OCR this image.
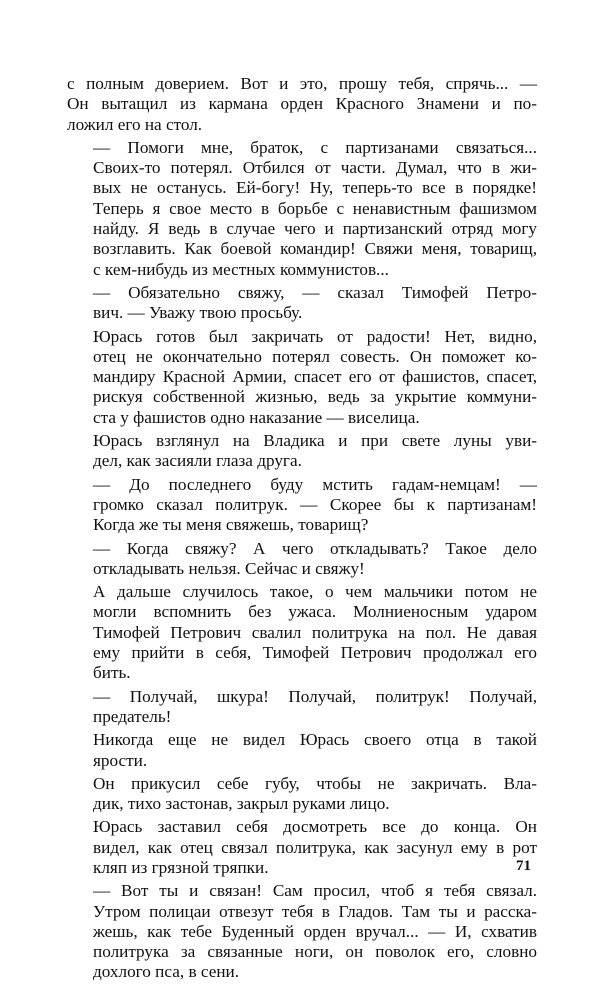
с полным доверием. Вот и это, прошу тебя, спрячь... —
Он вытащил из кармана орден Красного Знамени и по-
ложил его на стол.
— Помоги мне, браток, с партизанами связаться...
Своих-то потерял. Отбился от части. Думал, что в жи-
вых не останусь. Ей-богу! Ну, теперь-то все в порядке!
Теперь я свое место в борьбе с ненавистным фашизмом
найду. Я ведь в случае чего и партизанский отряд могу
возглавить. Как боевой командир! Свяжи меня, товарищ,
с кем-нибудь из местных коммунистов...
— Обязательно свяжу, — сказал Тимофей Петро-
вич. — Уважу твою просьбу.
Юрась готов был закричать от радости! Нет, видно,
отец не окончательно потерял совесть. Он поможет ко-
мандиру Красной Армии, спасет его от фашистов, спасет,
рискуя собственной жизнью, ведь за укрытие коммуни-
ста у фашистов одно наказание — виселица.
Юрась взглянул на Владика и при свете луны уви-
дел, как засияли глаза друга.
— До последнего буду мстить гадам-немцам! —
громко сказал политрук. — Скорее бы к партизанам!
Когда же ты меня свяжешь, товарищ?
— Когда свяжу? А чего откладывать? Такое дело
откладывать нельзя. Сейчас и свяжу!
А дальше случилось такое, о чем мальчики потом не
могли вспомнить без ужаса. Молниеносным ударом
Тимофей Петрович свалил политрука на пол. Не давая
ему прийти в себя, Тимофей Петрович продолжал его
бить.
— Получай, шкура! Получай, политрук! Получай,
предатель!
Никогда еще не видел Юрась своего отца в такой
ярости.
Он прикусил себе губу, чтобы не закричать. Вла-
дик, тихо застонав, закрыл руками лицо.
Юрась заставил себя досмотреть все до конца. Он
видел, как отец связал политрука, как засунул ему в рот
кляп из грязной тряпки.
— Вот ты и связан! Сам просил, чтоб я тебя связал.
Утром полицаи отвезут тебя в Гладов. Там ты и расска-
жешь, как тебе Буденный орден вручал... — И, схватив
политрука за связанные ноги, он поволок его, словно
дохлого пса, в сени.
71
